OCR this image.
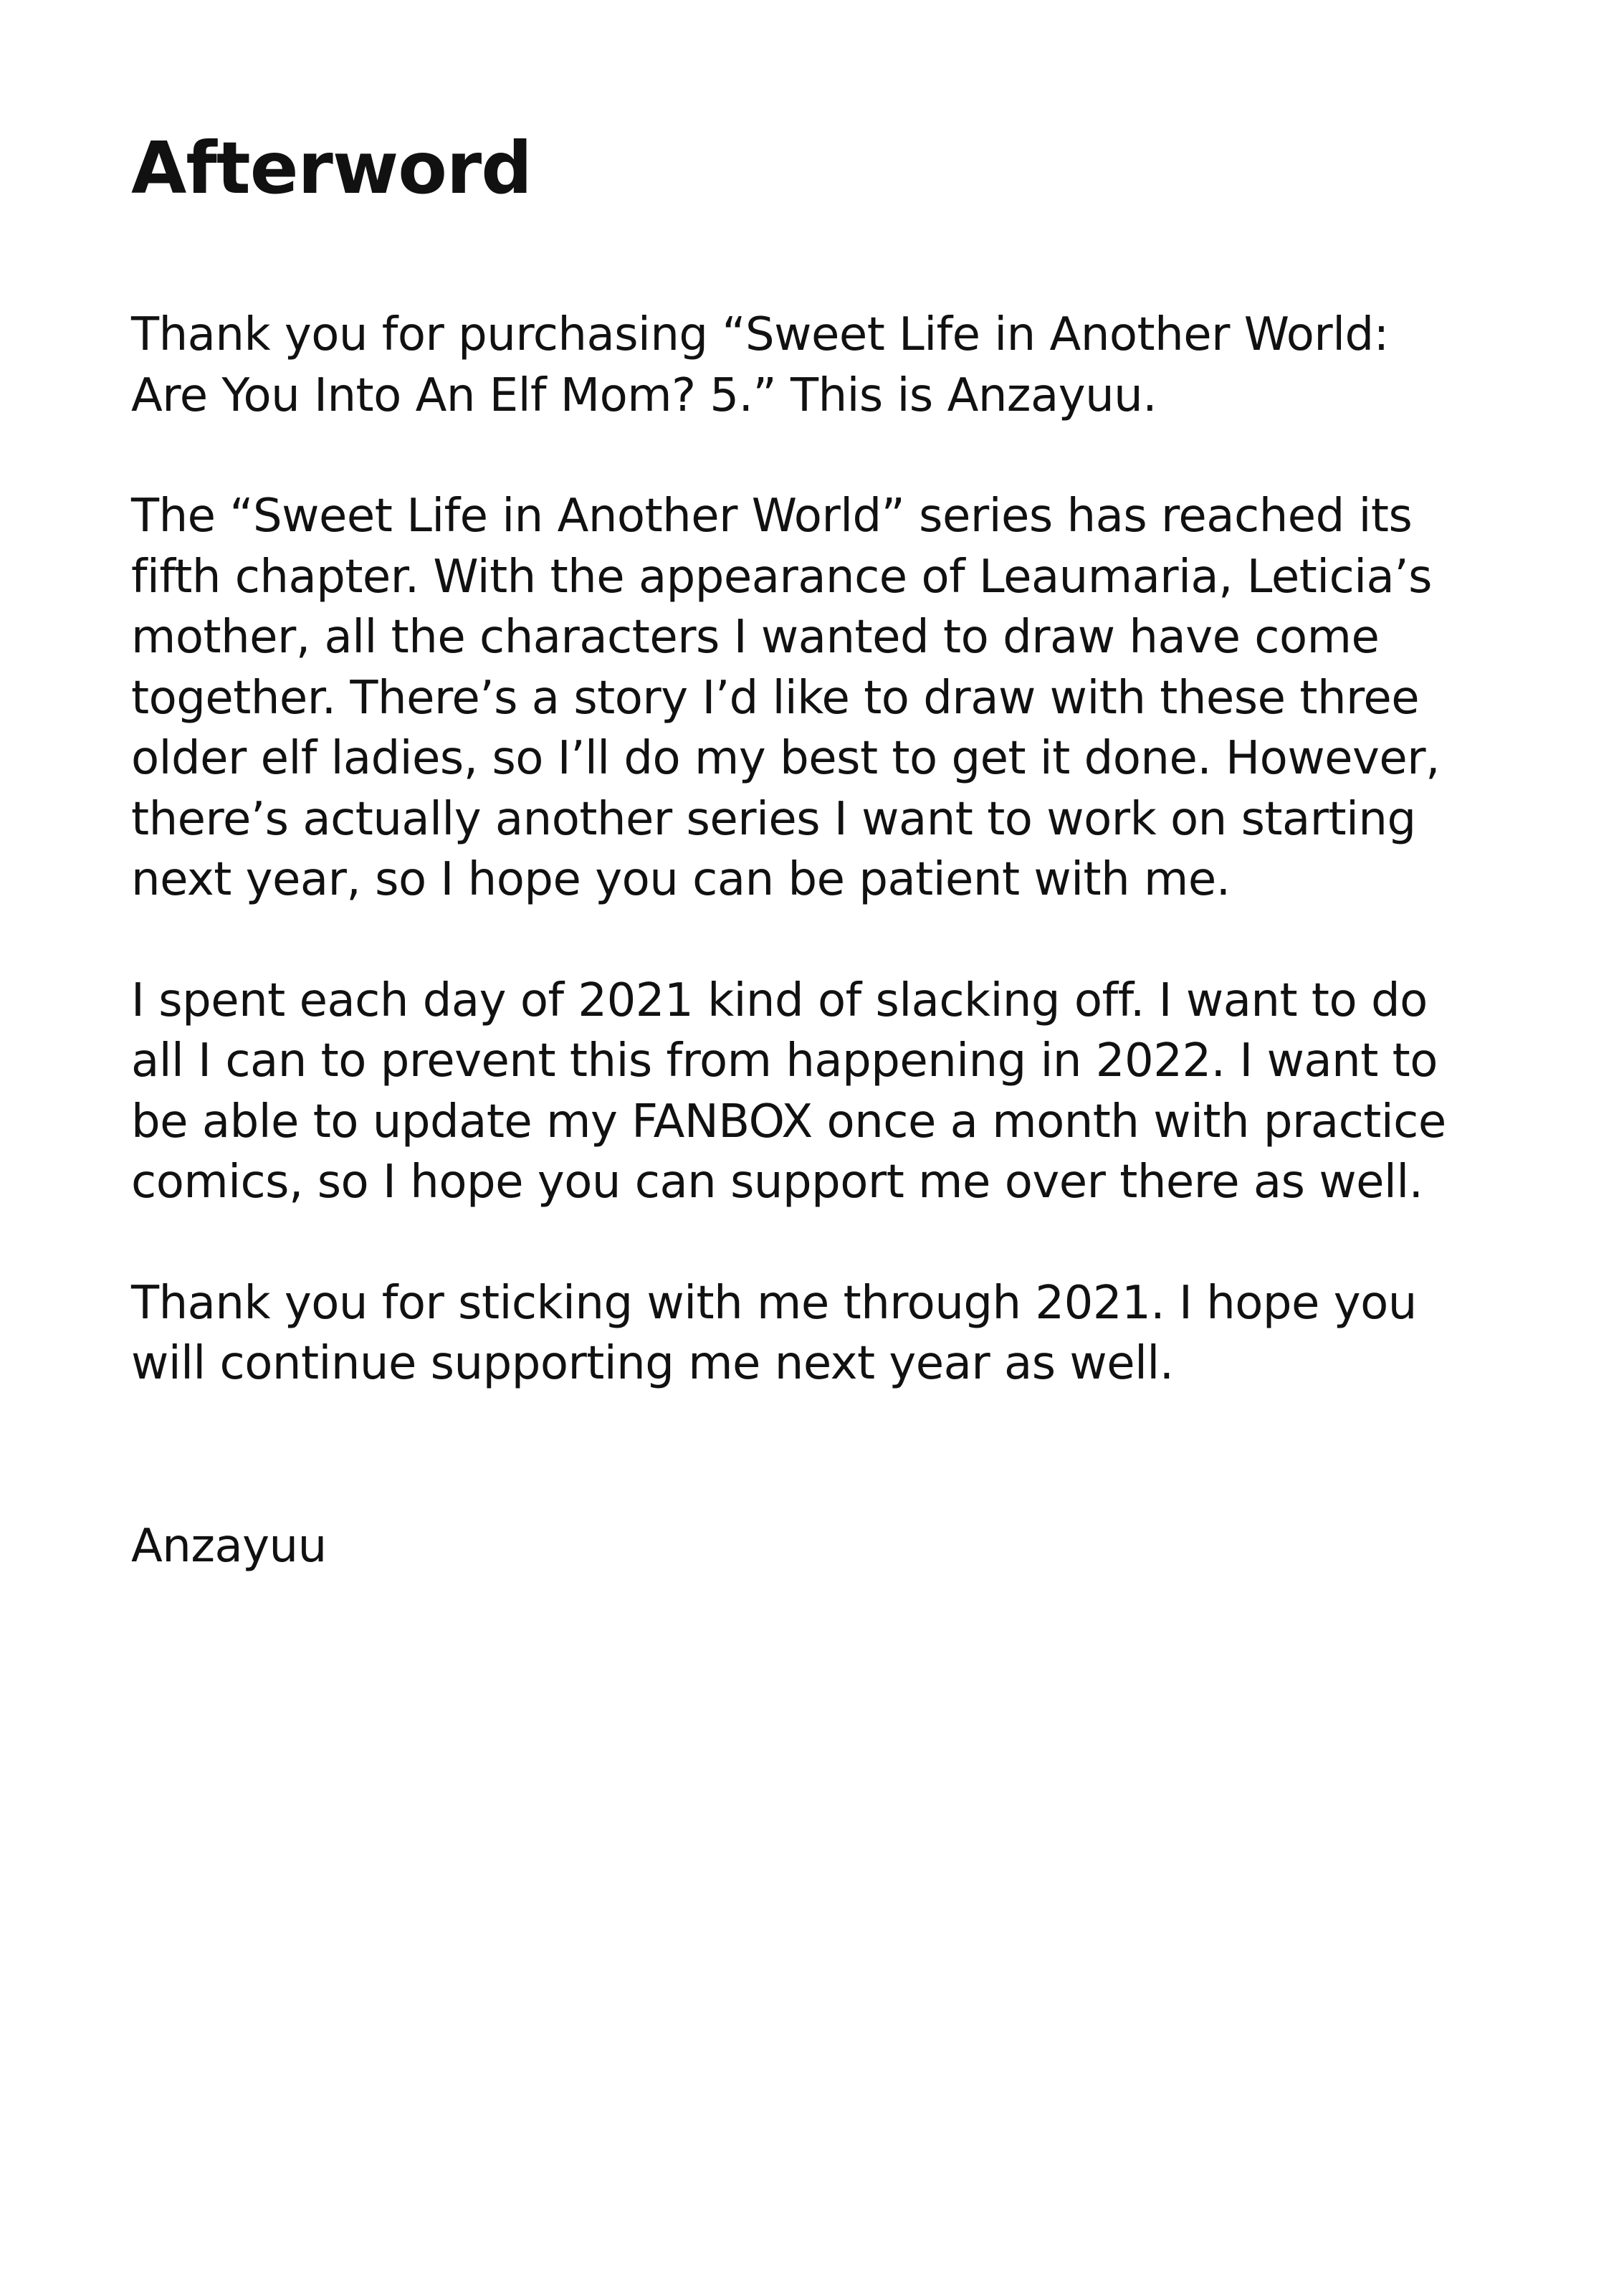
Afterword
Thank you for purchasing “Sweet Life in Another World:
Are You Into An Elf Mom? 5.” This is Anzayuu.
The “Sweet Life in Another World” series has reached its
fifth chapter. With the appearance of Leaumaria, Leticia’s
mother, all the characters I wanted to draw have come
together. There’s a story I’d like to draw with these three
older elf ladies, so I’ll do my best to get it done. However,
there’s actually another series I want to work on starting
next year, so I hope you can be patient with me.
I spent each day of 2021 kind of slacking off. I want to do
all I can to prevent this from happening in 2022. I want to
be able to update my FANBOX once a month with practice
comics, so I hope you can support me over there as well.
Thank you for sticking with me through 2021. I hope you
will continue supporting me next year as well.
Anzayuu
